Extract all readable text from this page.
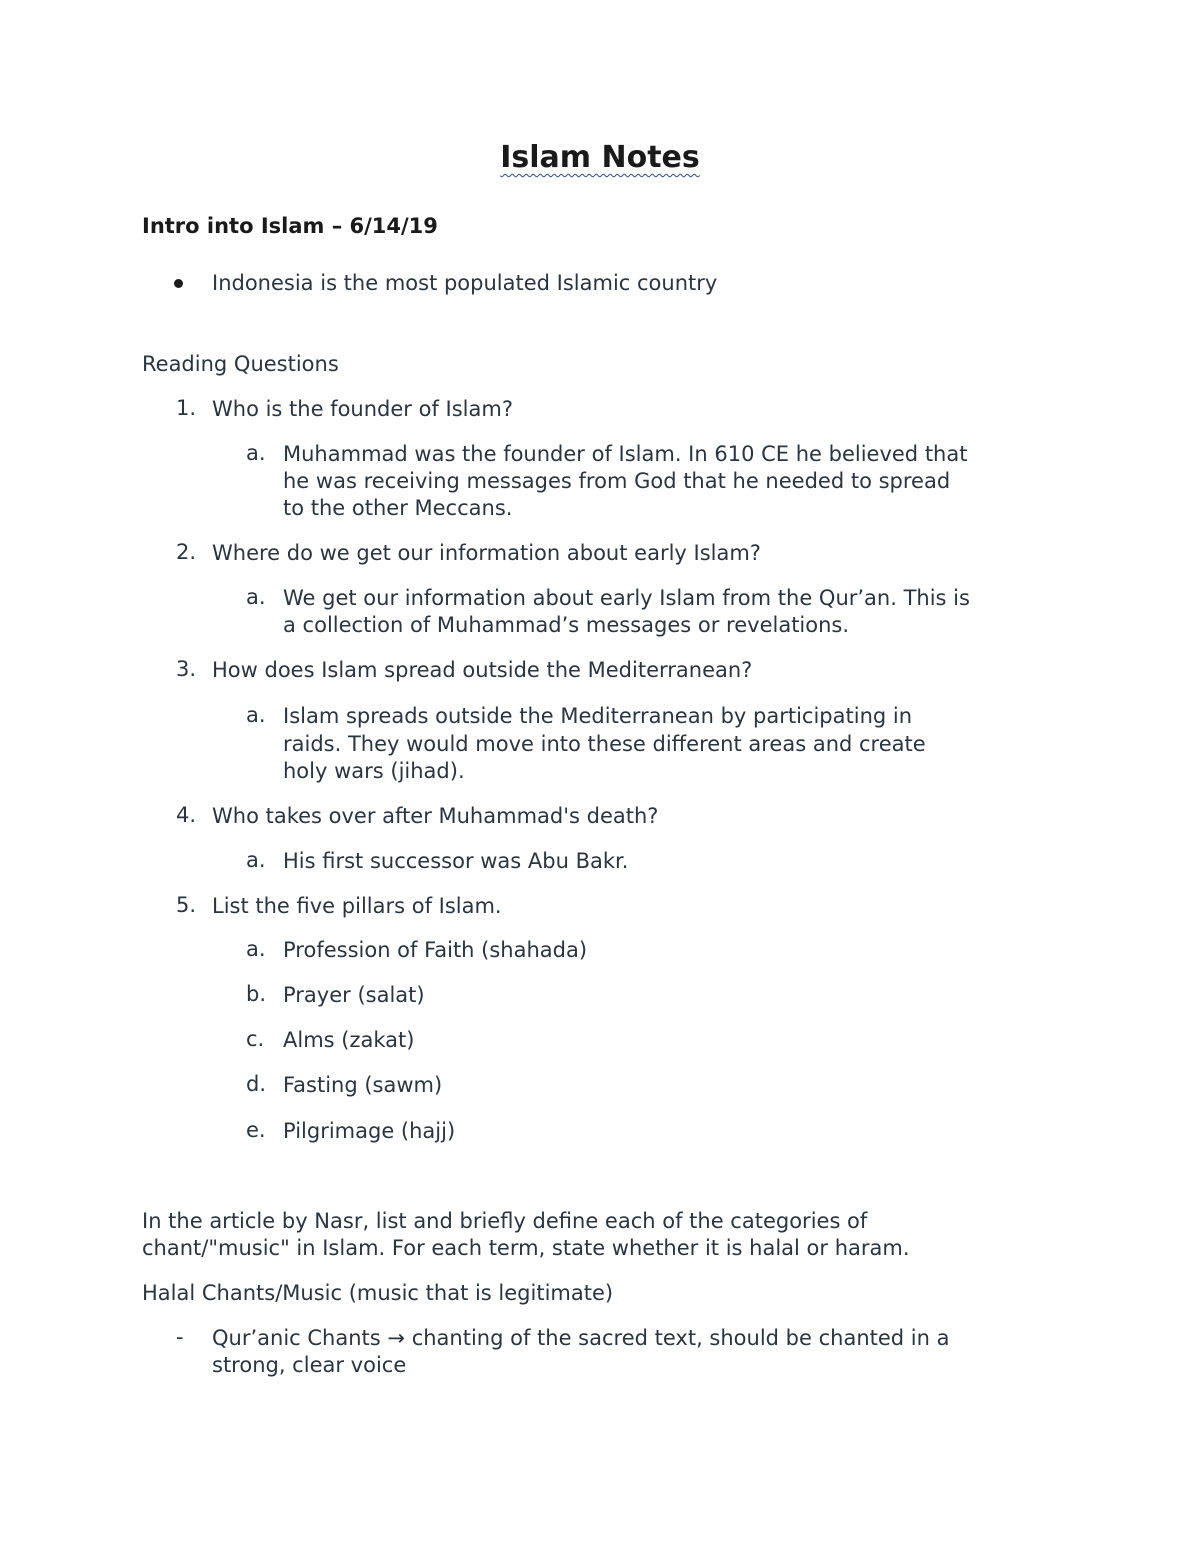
Islam Notes
Intro into Islam – 6/14/19
Indonesia is the most populated Islamic country
Reading Questions
1. Who is the founder of Islam?
a. Muhammad was the founder of Islam. In 610 CE he believed that
he was receiving messages from God that he needed to spread
to the other Meccans.
2. Where do we get our information about early Islam?
a. We get our information about early Islam from the Qur’an. This is
a collection of Muhammad’s messages or revelations.
3. How does Islam spread outside the Mediterranean?
a. Islam spreads outside the Mediterranean by participating in
raids. They would move into these different areas and create
holy wars (jihad).
4. Who takes over after Muhammad's death?
a. His first successor was Abu Bakr.
5. List the five pillars of Islam.
a. Profession of Faith (shahada)
b. Prayer (salat)
c. Alms (zakat)
d. Fasting (sawm)
e. Pilgrimage (hajj)
In the article by Nasr, list and briefly define each of the categories of
chant/"music" in Islam. For each term, state whether it is halal or haram.
Halal Chants/Music (music that is legitimate)
- Qur’anic Chants → chanting of the sacred text, should be chanted in a
strong, clear voice
